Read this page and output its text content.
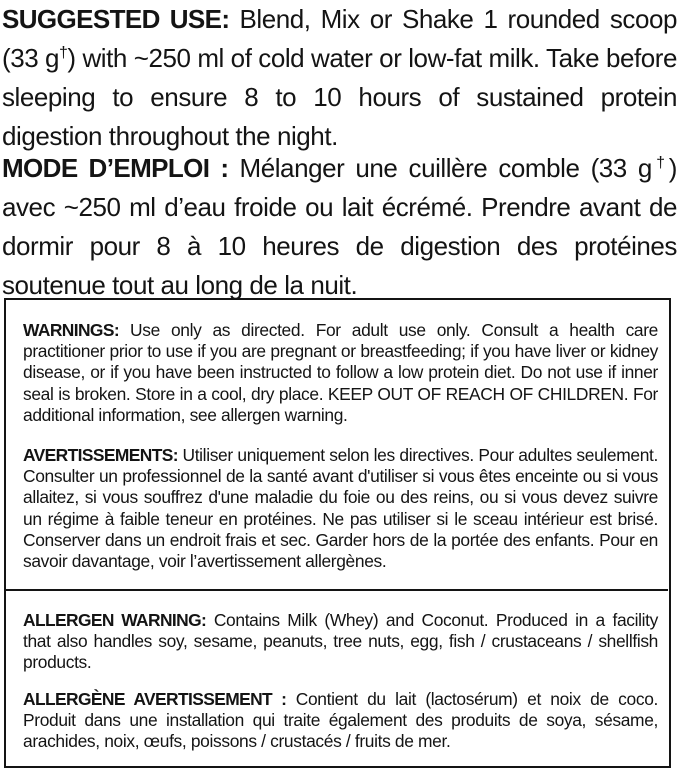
SUGGESTED USE: Blend, Mix or Shake 1 rounded scoop (33 g†) with ~250 ml of cold water or low-fat milk. Take before sleeping to ensure 8 to 10 hours of sustained protein digestion throughout the night.

MODE D’EMPLOI : Mélanger une cuillère comble (33 g†) avec ~250 ml d’eau froide ou lait écrémé. Prendre avant de dormir pour 8 à 10 heures de digestion des protéines soutenue tout au long de la nuit.

WARNINGS: Use only as directed. For adult use only. Consult a health care practitioner prior to use if you are pregnant or breastfeeding; if you have liver or kidney disease, or if you have been instructed to follow a low protein diet. Do not use if inner seal is broken. Store in a cool, dry place. KEEP OUT OF REACH OF CHILDREN. For additional information, see allergen warning.

AVERTISSEMENTS: Utiliser uniquement selon les directives. Pour adultes seulement. Consulter un professionnel de la santé avant d'utiliser si vous êtes enceinte ou si vous allaitez, si vous souffrez d'une maladie du foie ou des reins, ou si vous devez suivre un régime à faible teneur en protéines. Ne pas utiliser si le sceau intérieur est brisé. Conserver dans un endroit frais et sec. Garder hors de la portée des enfants. Pour en savoir davantage, voir l’avertissement allergènes.

ALLERGEN WARNING: Contains Milk (Whey) and Coconut. Produced in a facility that also handles soy, sesame, peanuts, tree nuts, egg, fish / crustaceans / shellfish products.

ALLERGÈNE AVERTISSEMENT : Contient du lait (lactosérum) et noix de coco. Produit dans une installation qui traite également des produits de soya, sésame, arachides, noix, œufs, poissons / crustacés / fruits de mer.
